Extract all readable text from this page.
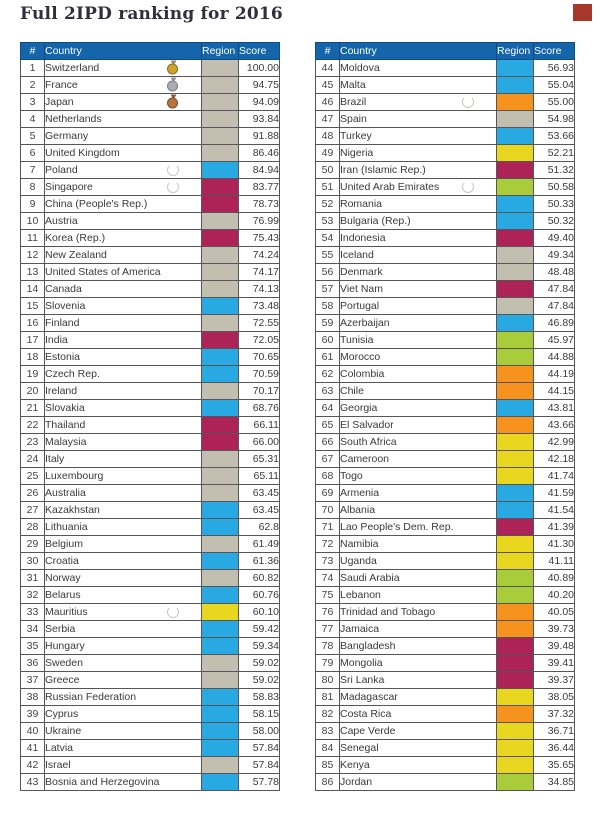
Full 2IPD ranking for 2016
#	Country	Region	Score
1	Switzerland		100.00
2	France		94.75
3	Japan		94.09
4	Netherlands		93.84
5	Germany		91.88
6	United Kingdom		86.46
7	Poland		84.94
8	Singapore		83.77
9	China (People's Rep.)		78.73
10	Austria		76.99
11	Korea (Rep.)		75.43
12	New Zealand		74.24
13	United States of America		74.17
14	Canada		74.13
15	Slovenia		73.48
16	Finland		72.55
17	India		72.05
18	Estonia		70.65
19	Czech Rep.		70.59
20	Ireland		70.17
21	Slovakia		68.76
22	Thailand		66.11
23	Malaysia		66.00
24	Italy		65.31
25	Luxembourg		65.11
26	Australia		63.45
27	Kazakhstan		63.45
28	Lithuania		62.8
29	Belgium		61.49
30	Croatia		61.36
31	Norway		60.82
32	Belarus		60.76
33	Mauritius		60.10
34	Serbia		59.42
35	Hungary		59.34
36	Sweden		59.02
37	Greece		59.02
38	Russian Federation		58.83
39	Cyprus		58.15
40	Ukraine		58.00
41	Latvia		57.84
42	Israel		57.84
43	Bosnia and Herzegovina		57.78
#	Country	Region	Score
44	Moldova		56.93
45	Malta		55.04
46	Brazil		55.00
47	Spain		54.98
48	Turkey		53.66
49	Nigeria		52.21
50	Iran (Islamic Rep.)		51.32
51	United Arab Emirates		50.58
52	Romania		50.33
53	Bulgaria (Rep.)		50.32
54	Indonesia		49.40
55	Iceland		49.34
56	Denmark		48.48
57	Viet Nam		47.84
58	Portugal		47.84
59	Azerbaijan		46.89
60	Tunisia		45.97
61	Morocco		44.88
62	Colombia		44.19
63	Chile		44.15
64	Georgia		43.81
65	El Salvador		43.66
66	South Africa		42.99
67	Cameroon		42.18
68	Togo		41.74
69	Armenia		41.59
70	Albania		41.54
71	Lao People's Dem. Rep.		41.39
72	Namibia		41.30
73	Uganda		41.11
74	Saudi Arabia		40.89
75	Lebanon		40.20
76	Trinidad and Tobago		40.05
77	Jamaica		39.73
78	Bangladesh		39.48
79	Mongolia		39.41
80	Sri Lanka		39.37
81	Madagascar		38.05
82	Costa Rica		37.32
83	Cape Verde		36.71
84	Senegal		36.44
85	Kenya		35.65
86	Jordan		34.85
